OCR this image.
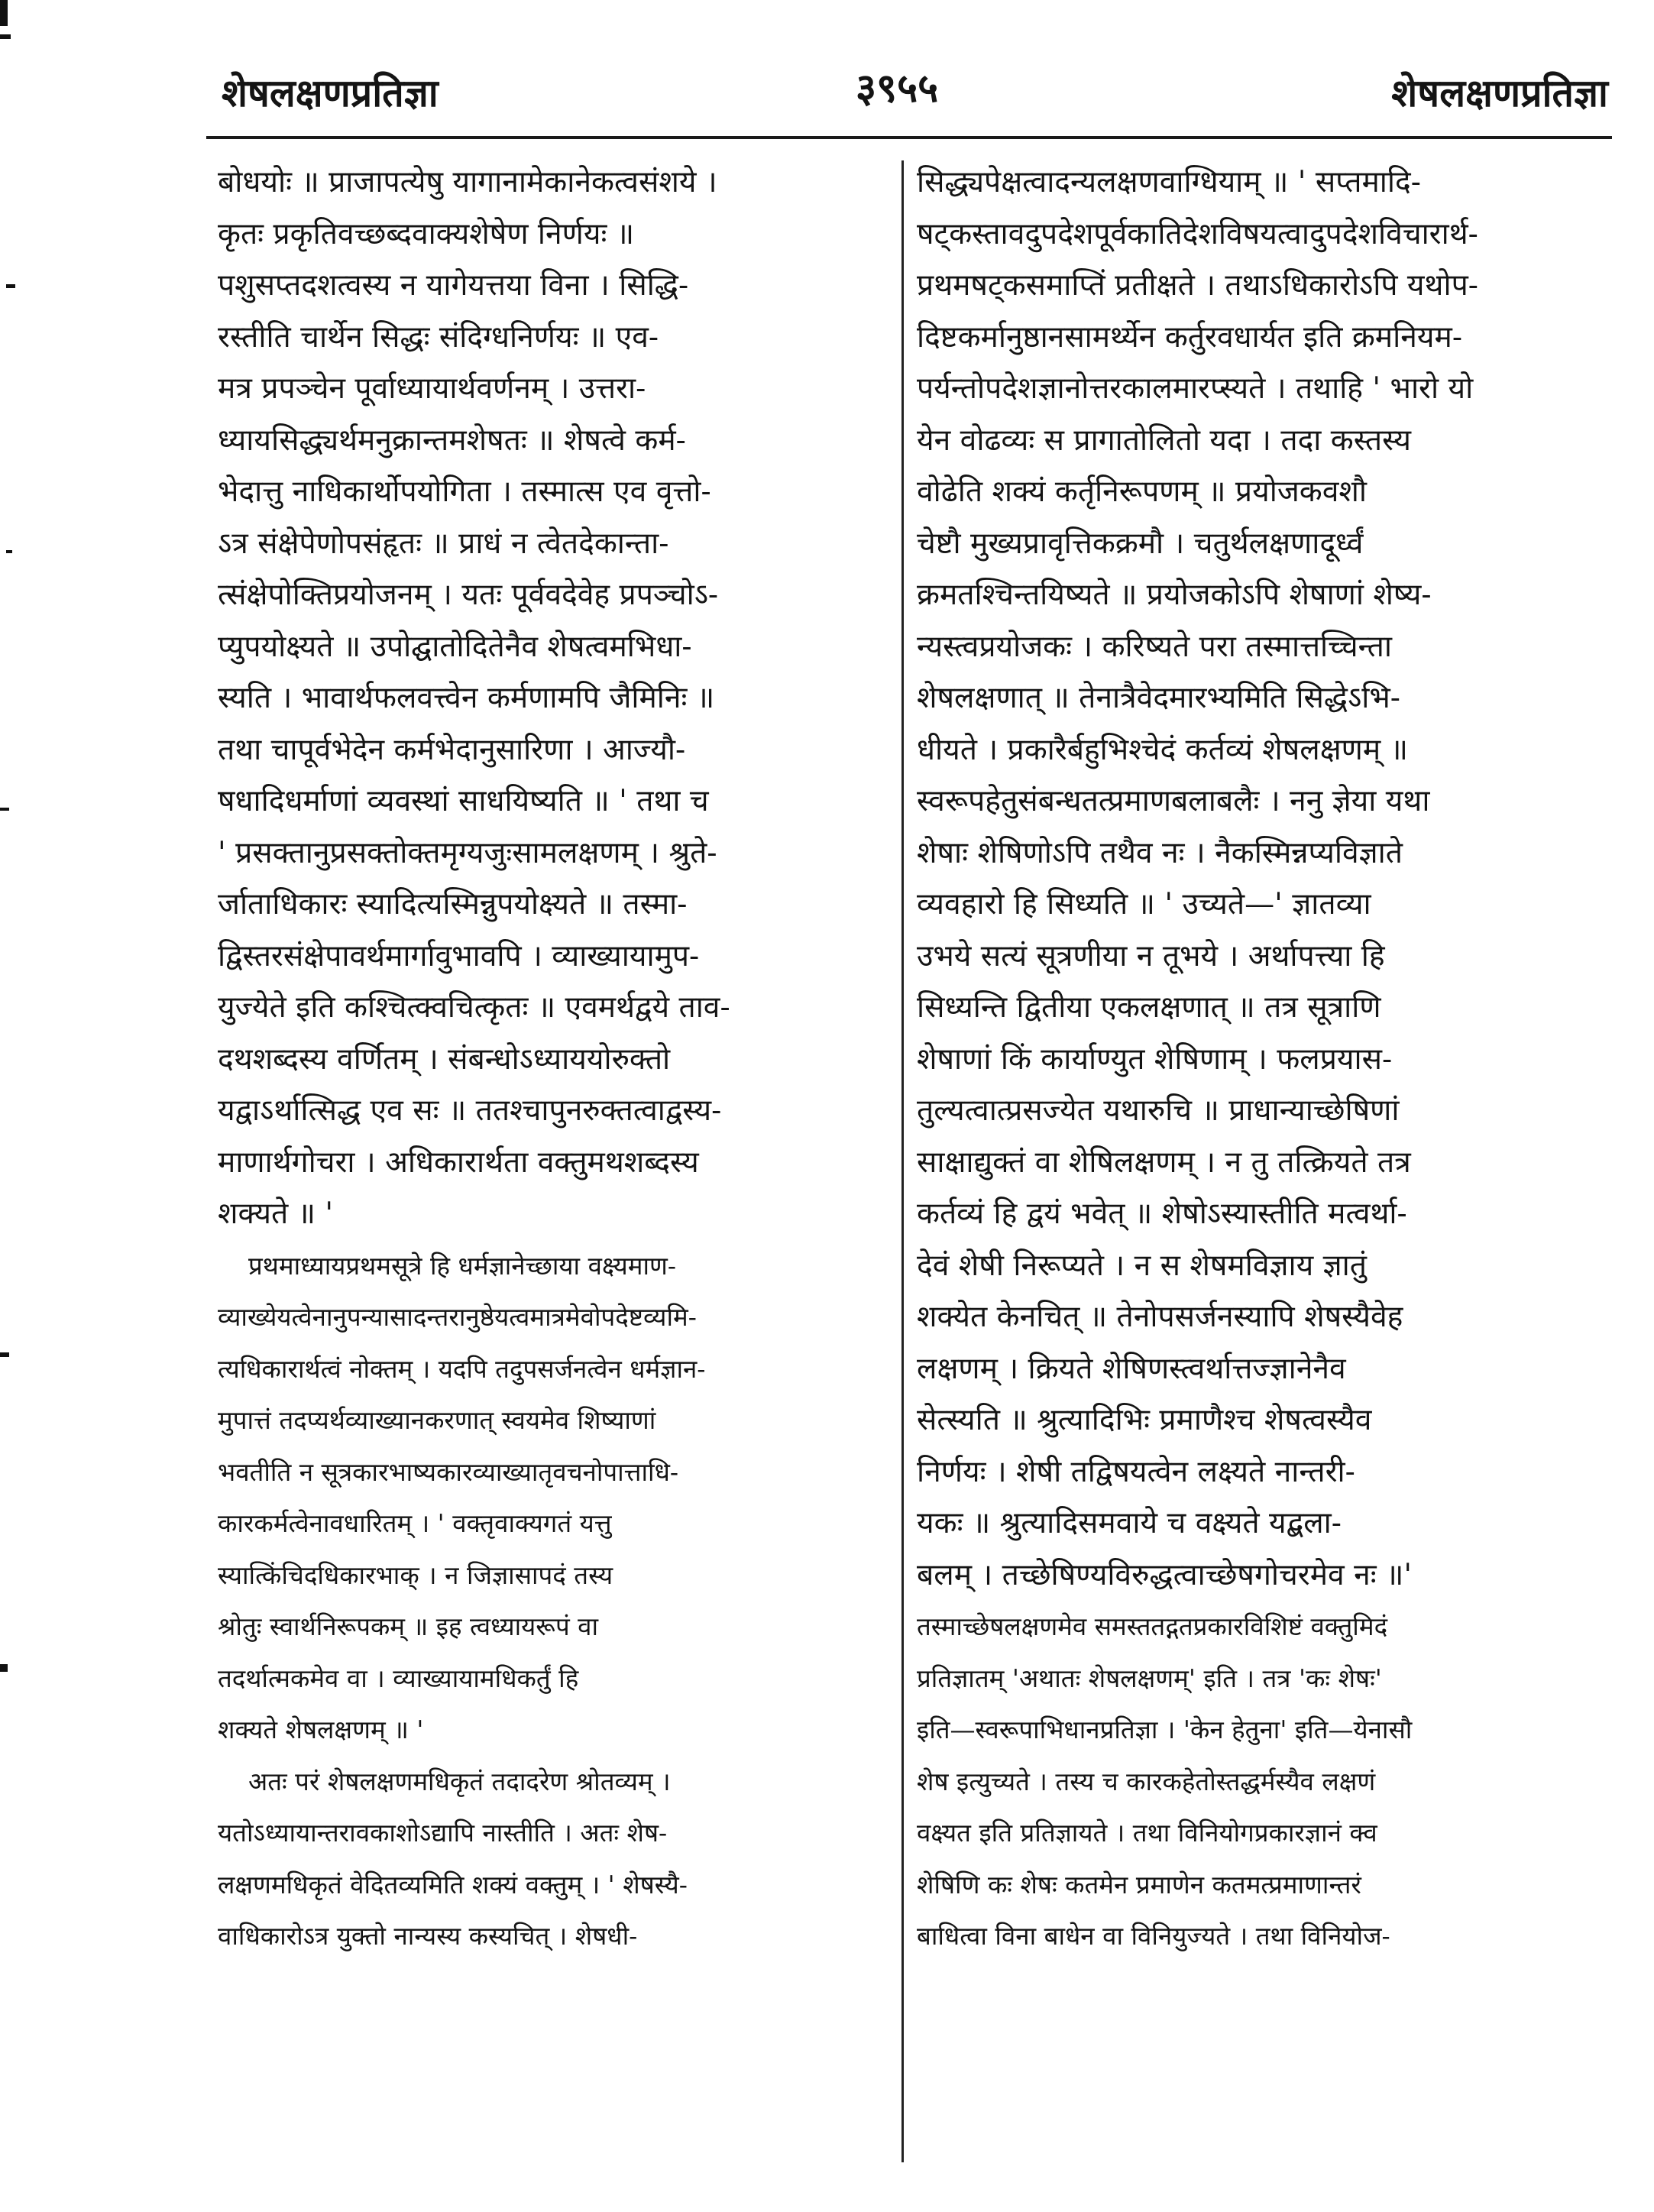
शेषलक्षणप्रतिज्ञा	३९५५	शेषलक्षणप्रतिज्ञा

बोधयोः ॥ प्राजापत्येषु यागानामेकानेकत्वसंशये ।
कृतः प्रकृतिवच्छब्दवाक्यशेषेण निर्णयः ॥
पशुसप्तदशत्वस्य न यागेयत्तया विना । सिद्धि-
रस्तीति चार्थेन सिद्धः संदिग्धनिर्णयः ॥ एव-
मत्र प्रपञ्चेन पूर्वाध्यायार्थवर्णनम् । उत्तरा-
ध्यायसिद्ध्यर्थमनुक्रान्तमशेषतः ॥ शेषत्वे कर्म-
भेदात्तु नाधिकार्थोपयोगिता । तस्मात्स एव वृत्तो-
ऽत्र संक्षेपेणोपसंहृतः ॥ प्राधं न त्वेतदेकान्ता-
त्संक्षेपोक्तिप्रयोजनम् । यतः पूर्ववदेवेह प्रपञ्चोऽ-
प्युपयोक्ष्यते ॥ उपोद्घातोदितेनैव शेषत्वमभिधा-
स्यति । भावार्थफलवत्त्वेन कर्मणामपि जैमिनिः ॥
तथा चापूर्वभेदेन कर्मभेदानुसारिणा । आज्यौ-
षधादिधर्माणां व्यवस्थां साधयिष्यति ॥ ' तथा च
' प्रसक्तानुप्रसक्तोक्तमृग्यजुःसामलक्षणम् । श्रुते-
र्जाताधिकारः स्यादित्यस्मिन्नुपयोक्ष्यते ॥ तस्मा-
द्विस्तरसंक्षेपावर्थमार्गावुभावपि । व्याख्यायामुप-
युज्येते इति कश्चित्क्वचित्कृतः ॥ एवमर्थद्वये ताव-
दथशब्दस्य वर्णितम् । संबन्धोऽध्याययोरुक्तो
यद्वाऽर्थात्सिद्ध एव सः ॥ ततश्चापुनरुक्तत्वाद्वस्य-
माणार्थगोचरा । अधिकारार्थता वक्तुमथशब्दस्य
शक्यते ॥ '

प्रथमाध्यायप्रथमसूत्रे हि धर्मज्ञानेच्छाया वक्ष्यमाण-
व्याख्येयत्वेनानुपन्यासादन्तरानुष्ठेयत्वमात्रमेवोपदेष्टव्यमि-
त्यधिकारार्थत्वं नोक्तम् । यदपि तदुपसर्जनत्वेन धर्मज्ञान-
मुपात्तं तदप्यर्थव्याख्यानकरणात् स्वयमेव शिष्याणां
भवतीति न सूत्रकारभाष्यकारव्याख्यातृवचनोपात्ताधि-
कारकर्मत्वेनावधारितम् । ' वक्तृवाक्यगतं यत्तु
स्यात्किंचिदधिकारभाक् । न जिज्ञासापदं तस्य
श्रोतुः स्वार्थनिरूपकम् ॥ इह त्वध्यायरूपं वा
तदर्थात्मकमेव वा । व्याख्यायामधिकर्तुं हि
शक्यते शेषलक्षणम् ॥ '

अतः परं शेषलक्षणमधिकृतं तदादरेण श्रोतव्यम् ।
यतोऽध्यायान्तरावकाशोऽद्यापि नास्तीति । अतः शेष-
लक्षणमधिकृतं वेदितव्यमिति शक्यं वक्तुम् । ' शेषस्यै-
वाधिकारोऽत्र युक्तो नान्यस्य कस्यचित् । शेषधी-

सिद्ध्यपेक्षत्वादन्यलक्षणवाग्धियाम् ॥ ' सप्तमादि-
षट्कस्तावदुपदेशपूर्वकातिदेशविषयत्वादुपदेशविचारार्थ-
प्रथमषट्कसमाप्तिं प्रतीक्षते । तथाऽधिकारोऽपि यथोप-
दिष्टकर्मानुष्ठानसामर्थ्येन कर्तुरवधार्यत इति क्रमनियम-
पर्यन्तोपदेशज्ञानोत्तरकालमारप्स्यते । तथाहि ' भारो यो
येन वोढव्यः स प्रागातोलितो यदा । तदा कस्तस्य
वोढेति शक्यं कर्तृनिरूपणम् ॥ प्रयोजकवशौ
चेष्टौ मुख्यप्रावृत्तिकक्रमौ । चतुर्थलक्षणादूर्ध्वं
क्रमतश्चिन्तयिष्यते ॥ प्रयोजकोऽपि शेषाणां शेष्य-
न्यस्त्वप्रयोजकः । करिष्यते परा तस्मात्तच्चिन्ता
शेषलक्षणात् ॥ तेनात्रैवेदमारभ्यमिति सिद्धेऽभि-
धीयते । प्रकारैर्बहुभिश्चेदं कर्तव्यं शेषलक्षणम् ॥
स्वरूपहेतुसंबन्धतत्प्रमाणबलाबलैः । ननु ज्ञेया यथा
शेषाः शेषिणोऽपि तथैव नः । नैकस्मिन्नप्यविज्ञाते
व्यवहारो हि सिध्यति ॥ ' उच्यते—' ज्ञातव्या
उभये सत्यं सूत्रणीया न तूभये । अर्थापत्त्या हि
सिध्यन्ति द्वितीया एकलक्षणात् ॥ तत्र सूत्राणि
शेषाणां किं कार्याण्युत शेषिणाम् । फलप्रयास-
तुल्यत्वात्प्रसज्येत यथारुचि ॥ प्राधान्याच्छेषिणां
साक्षाद्युक्तं वा शेषिलक्षणम् । न तु तत्क्रियते तत्र
कर्तव्यं हि द्वयं भवेत् ॥ शेषोऽस्यास्तीति मत्वर्था-
देवं शेषी निरूप्यते । न स शेषमविज्ञाय ज्ञातुं
शक्येत केनचित् ॥ तेनोपसर्जनस्यापि शेषस्यैवेह
लक्षणम् । क्रियते शेषिणस्त्वर्थात्तज्ज्ञानेनैव
सेत्स्यति ॥ श्रुत्यादिभिः प्रमाणैश्च शेषत्वस्यैव
निर्णयः । शेषी तद्विषयत्वेन लक्ष्यते नान्तरी-
यकः ॥ श्रुत्यादिसमवाये च वक्ष्यते यद्बला-
बलम् । तच्छेषिण्यविरुद्धत्वाच्छेषगोचरमेव नः ॥'

तस्माच्छेषलक्षणमेव समस्ततद्गतप्रकारविशिष्टं वक्तुमिदं
प्रतिज्ञातम् 'अथातः शेषलक्षणम्' इति । तत्र 'कः शेषः'
इति—स्वरूपाभिधानप्रतिज्ञा । 'केन हेतुना' इति—येनासौ
शेष इत्युच्यते । तस्य च कारकहेतोस्तद्धर्मस्यैव लक्षणं
वक्ष्यत इति प्रतिज्ञायते । तथा विनियोगप्रकारज्ञानं क्व
शेषिणि कः शेषः कतमेन प्रमाणेन कतमत्प्रमाणान्तरं
बाधित्वा विना बाधेन वा विनियुज्यते । तथा विनियोज-
